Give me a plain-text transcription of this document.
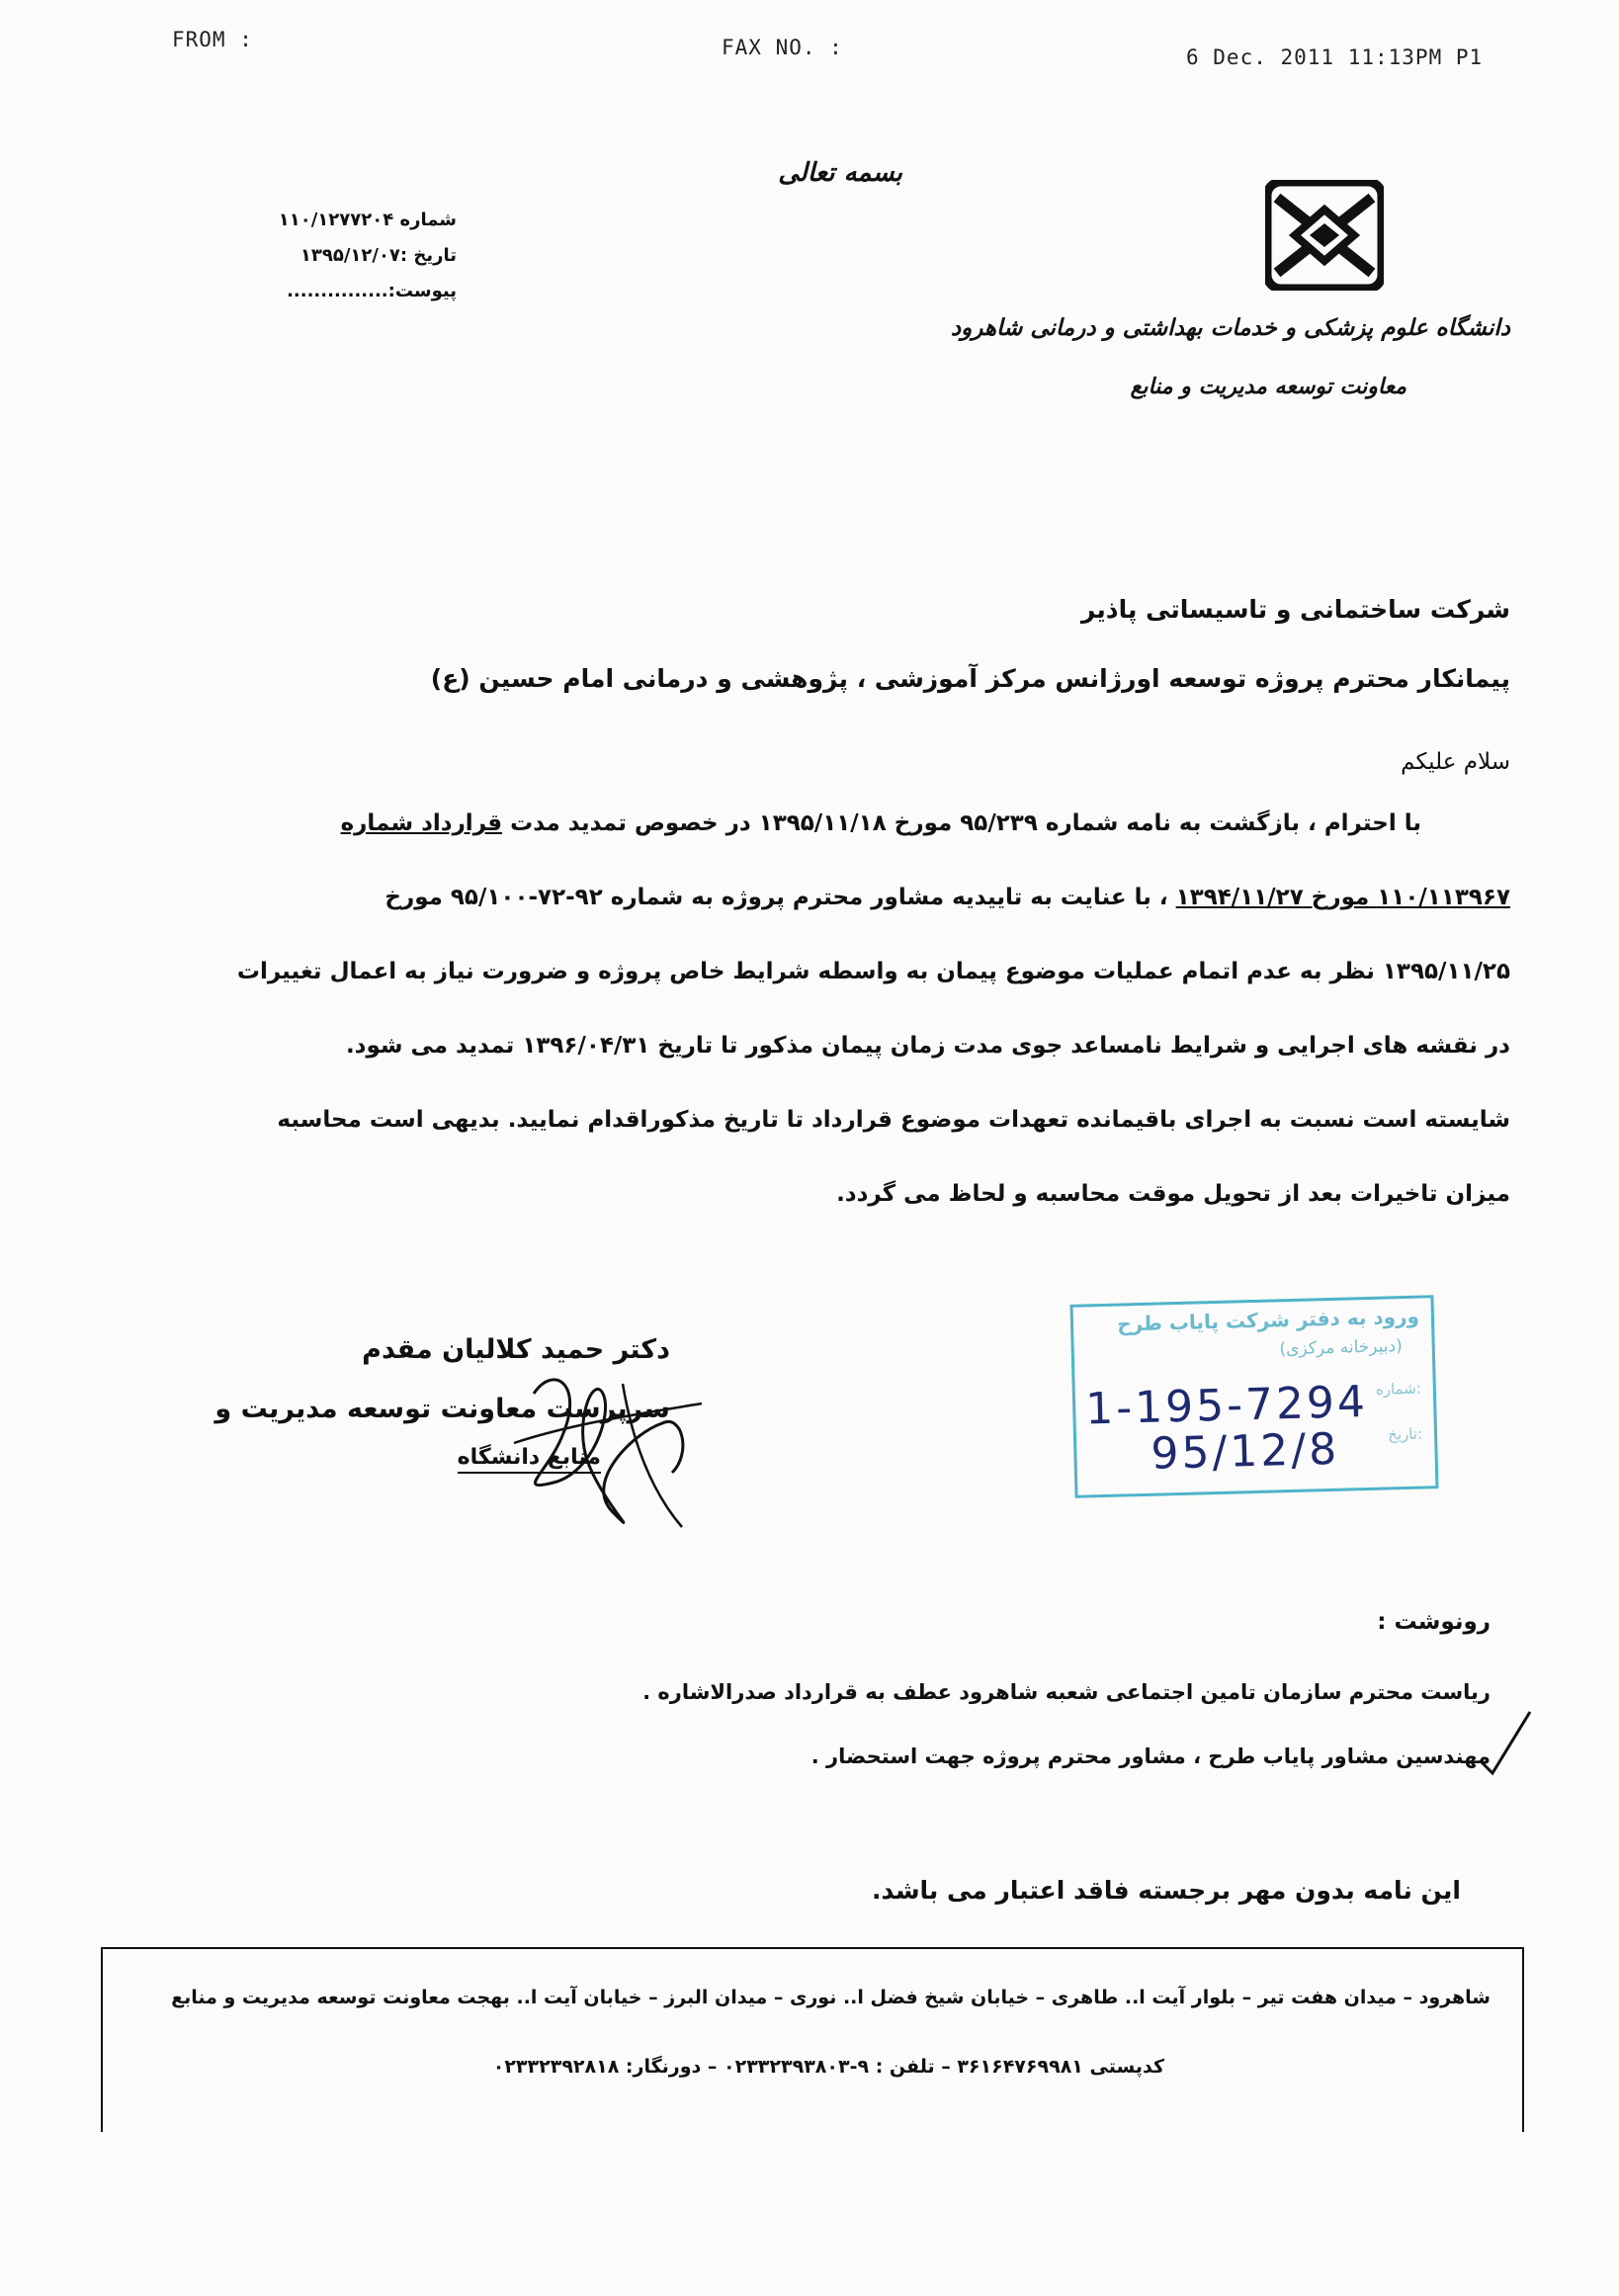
FROM :	FAX NO. :	6 Dec. 2011 11:13PM P1
بسمه تعالی
شماره ۱۱۰/۱۲۷۷۲۰۴
تاریخ :۱۳۹۵/۱۲/۰۷
پیوست:...............
دانشگاه علوم پزشکی و خدمات بهداشتی و درمانی شاهرود
معاونت توسعه مدیریت و منابع
شرکت ساختمانی و تاسیساتی پاذیر
پیمانکار محترم پروژه توسعه اورژانس مرکز آموزشی ، پژوهشی و درمانی امام حسین (ع)
سلام علیکم
با احترام ، بازگشت به نامه شماره ۹۵/۲۳۹ مورخ ۱۳۹۵/۱۱/۱۸ در خصوص تمدید مدت قرارداد شماره
۱۱۰/۱۱۳۹۶۷ مورخ ۱۳۹۴/۱۱/۲۷ ، با عنایت به تاییدیه مشاور محترم پروژه به شماره ۹۲-۷۲-۹۵/۱۰۰ مورخ
۱۳۹۵/۱۱/۲۵ نظر به عدم اتمام عملیات موضوع پیمان به واسطه شرایط خاص پروژه و ضرورت نیاز به اعمال تغییرات
در نقشه های اجرایی و شرایط نامساعد جوی مدت زمان پیمان مذکور تا تاریخ ۱۳۹۶/۰۴/۳۱ تمدید می شود.
شایسته است نسبت به اجرای باقیمانده تعهدات موضوع قرارداد تا تاریخ مذکوراقدام نمایید. بدیهی است محاسبه
میزان تاخیرات بعد از تحویل موقت محاسبه و لحاظ می گردد.
دکتر حمید کلالیان مقدم
سرپرست معاونت توسعه مدیریت و
منابع دانشگاه
ورود به دفتر شرکت پایاب طرح
(دبیرخانه مرکزی)
شماره:
تاریخ:
1-195-7294
95/12/8
رونوشت :
ریاست محترم سازمان تامین اجتماعی شعبه شاهرود عطف به قرارداد صدرالاشاره .
مهندسین مشاور پایاب طرح ، مشاور محترم پروژه جهت استحضار .
این نامه بدون مهر برجسته فاقد اعتبار می باشد.
شاهرود – میدان هفت تیر – بلوار آیت ا.. طاهری – خیابان شیخ فضل ا.. نوری – میدان البرز – خیابان آیت ا.. بهجت معاونت توسعه مدیریت و منابع
کدپستی ۳۶۱۶۴۷۶۹۹۸۱ – تلفن : ۹-۰۲۳۳۲۳۹۳۸۰۳ – دورنگار: ۰۲۳۳۲۳۹۲۸۱۸
